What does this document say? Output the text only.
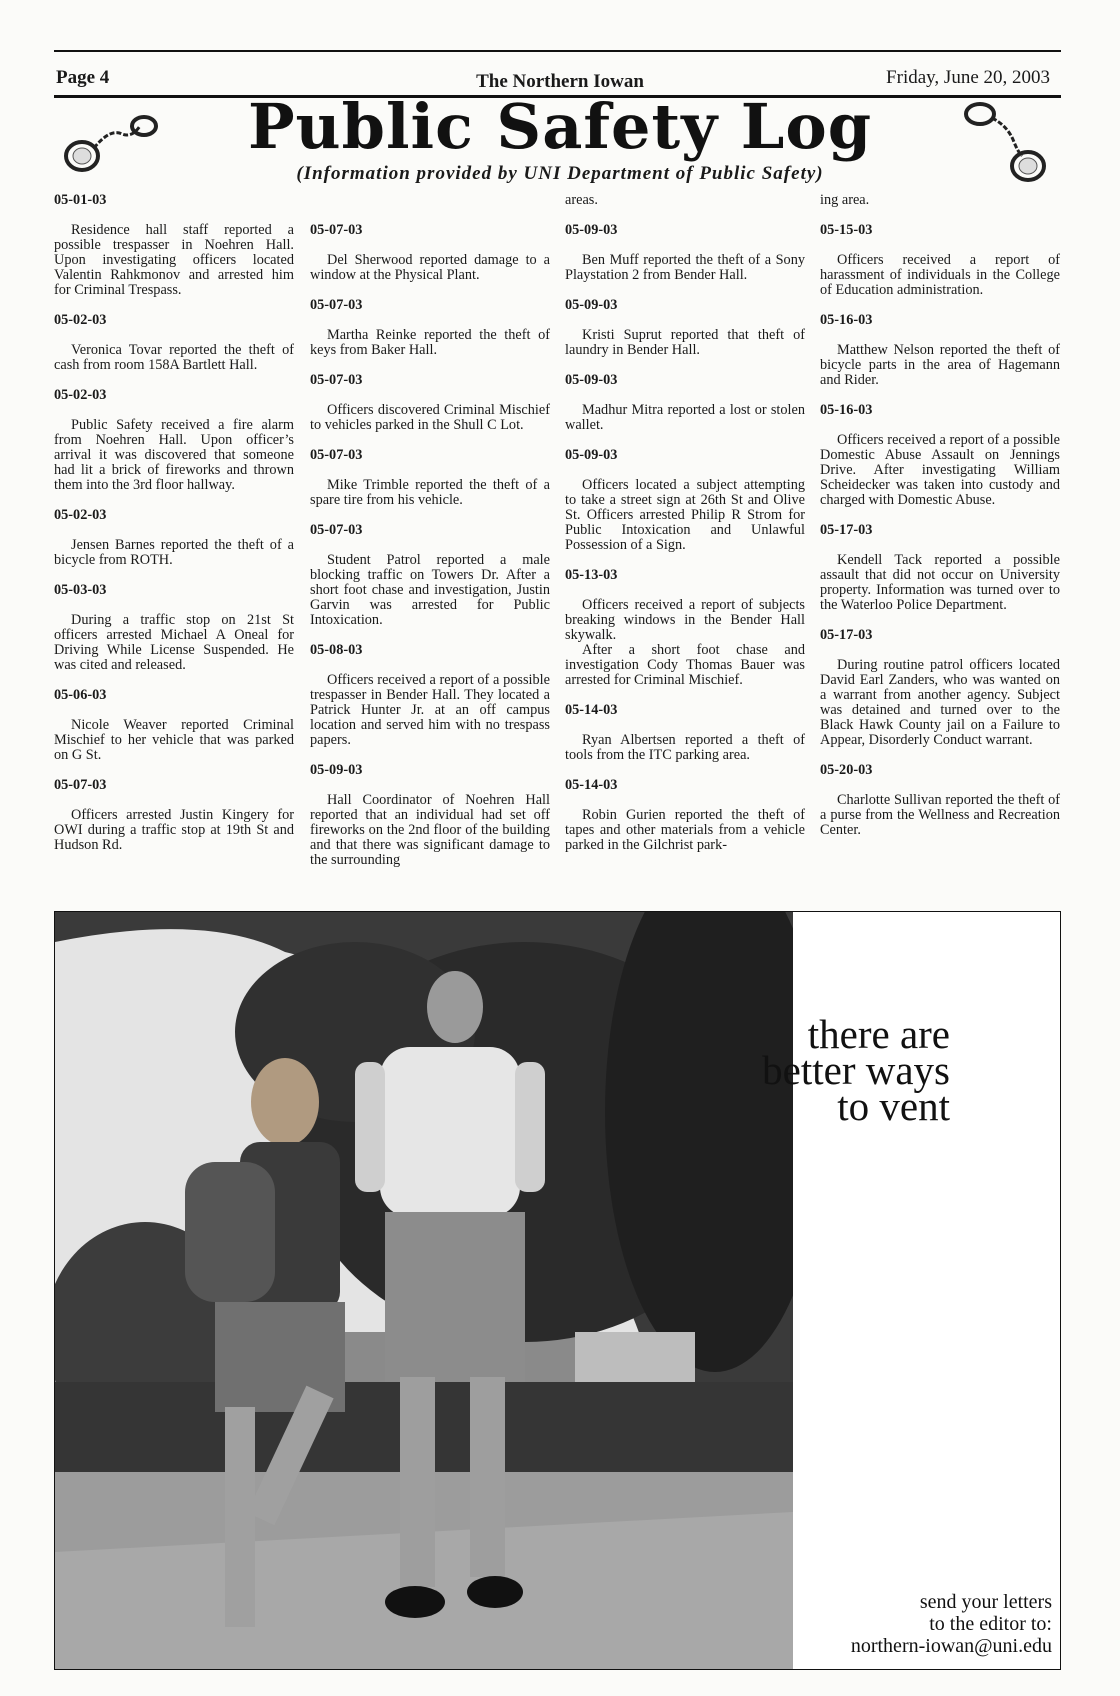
Page 4	The Northern Iowan	Friday, June 20, 2003
Public Safety Log
(Information provided by UNI Department of Public Safety)
05-01-03

Residence hall staff reported a possible trespasser in Noehren Hall. Upon investigating officers located Valentin Rahkmonov and arrested him for Criminal Trespass.

05-02-03

Veronica Tovar reported the theft of cash from room 158A Bartlett Hall.

05-02-03

Public Safety received a fire alarm from Noehren Hall. Upon officer’s arrival it was discovered that someone had lit a brick of fireworks and thrown them into the 3rd floor hallway.

05-02-03

Jensen Barnes reported the theft of a bicycle from ROTH.

05-03-03

During a traffic stop on 21st St officers arrested Michael A Oneal for Driving While License Suspended. He was cited and released.

05-06-03

Nicole Weaver reported Criminal Mischief to her vehicle that was parked on G St.

05-07-03

Officers arrested Justin Kingery for OWI during a traffic stop at 19th St and Hudson Rd.

05-07-03

Del Sherwood reported damage to a window at the Physical Plant.

05-07-03

Martha Reinke reported the theft of keys from Baker Hall.

05-07-03

Officers discovered Criminal Mischief to vehicles parked in the Shull C Lot.

05-07-03

Mike Trimble reported the theft of a spare tire from his vehicle.

05-07-03

Student Patrol reported a male blocking traffic on Towers Dr. After a short foot chase and investigation, Justin Garvin was arrested for Public Intoxication.

05-08-03

Officers received a report of a possible trespasser in Bender Hall. They located a Patrick Hunter Jr. at an off campus location and served him with no trespass papers.

05-09-03

Hall Coordinator of Noehren Hall reported that an individual had set off fireworks on the 2nd floor of the building and that there was significant damage to the surrounding

areas.
05-09-03

Ben Muff reported the theft of a Sony Playstation 2 from Bender Hall.

05-09-03

Kristi Suprut reported that theft of laundry in Bender Hall.

05-09-03

Madhur Mitra reported a lost or stolen wallet.

05-09-03

Officers located a subject attempting to take a street sign at 26th St and Olive St. Officers arrested Philip R Strom for Public Intoxication and Unlawful Possession of a Sign.

05-13-03

Officers received a report of subjects breaking windows in the Bender Hall skywalk.

After a short foot chase and investigation Cody Thomas Bauer was arrested for Criminal Mischief.

05-14-03

Ryan Albertsen reported a theft of tools from the ITC parking area.

05-14-03

Robin Gurien reported the theft of tapes and other materials from a vehicle parked in the Gilchrist park-

ing area.
05-15-03

Officers received a report of harassment of individuals in the College of Education administration.

05-16-03

Matthew Nelson reported the theft of bicycle parts in the area of Hagemann and Rider.

05-16-03

Officers received a report of a possible Domestic Abuse Assault on Jennings Drive. After investigating William Scheidecker was taken into custody and charged with Domestic Abuse.

05-17-03

Kendell Tack reported a possible assault that did not occur on University property. Information was turned over to the Waterloo Police Department.

05-17-03

During routine patrol officers located David Earl Zanders, who was wanted on a warrant from another agency. Subject was detained and turned over to the Black Hawk County jail on a Failure to Appear, Disorderly Conduct warrant.

05-20-03

Charlotte Sullivan reported the theft of a purse from the Wellness and Recreation Center.

there are
better ways
to vent
send your letters
to the editor to:
northern-iowan@uni.edu
